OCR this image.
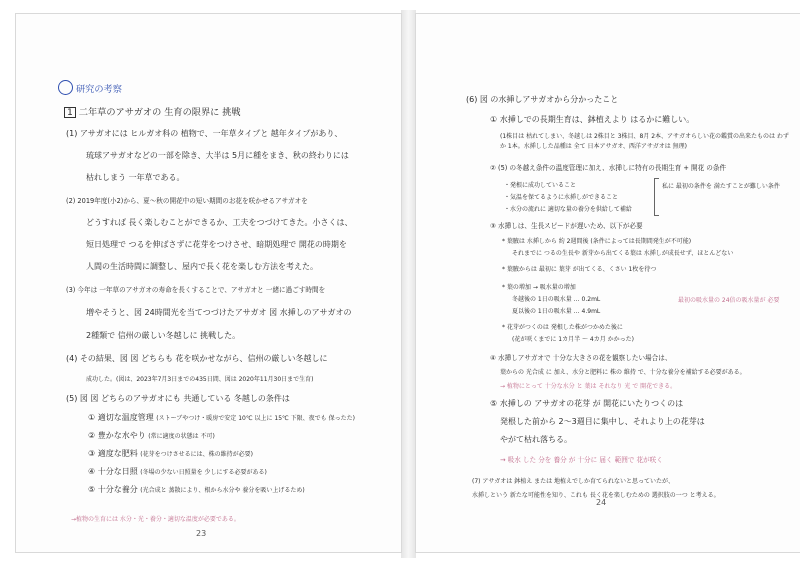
研究の考察
1 二年草のアサガオの 生育の限界に 挑戦
(1) アサガオには ヒルガオ科の 植物で、一年草タイプと 越年タイプがあり、
琉球アサガオなどの一部を除き、大半は 5月に種をまき、秋の終わりには
枯れしまう 一年草である。
(2) 2019年度(小2)から、夏～秋の開花中の短い期間のお花を咲かせるアサガオを
どうすれば 長く楽しむことができるか、工夫をつづけてきた。小さくは、
短日処理で つるを伸ばさずに花芽をつけさせ、暗期処理で 開花の時期を
人間の生活時間に調整し、屋内で長く花を楽しむ方法を考えた。
(3) 今年は 一年草のアサガオの寿命を長くすることで、アサガオと 一緒に過ごす時間を
増やそうと、図 24時間光を当てつづけたアサガオ 図 水挿しのアサガオの
2種類で 信州の厳しい冬越しに 挑戦した。
(4) その結果、図 図 どちらも 花を咲かせながら、信州の厳しい冬越しに
成功した。(図は、2023年7月3日までの435日間、図は 2020年11月30日まで生育)
(5) 図 図 どちらのアサガオにも 共通している 冬越しの条件は
① 適切な温度管理 (ストーブやつけ・暖房で安定 10℃ 以上に 15℃ 下限、夜でも 保ったた)
② 豊かな水やり (常に適度の状態は 不可)
③ 適度な肥料 (花芽をつけさせるには、株の維持が必要)
④ 十分な日照 (冬場の少ない日照量を 少しにする必要がある)
⑤ 十分な養分 (光合成と 蒸散により、根から水分や 養分を吸い上げるため)
→植物の生育には 水分・光・養分・適切な温度が必要である。
23
(6) 図 の水挿しアサガオから分かったこと
① 水挿しでの長期生育は、鉢植えより はるかに難しい。
(1株目は 枯れてしまい、冬越しは 2株目と 3株目、8月 2本、アサガオらしい花の鑑賞の出来たものは わずか 1本。水挿しした品種は 全て 日本アサガオ、西洋アサガオは 無理)
② (5) の冬越え条件の温度管理に加え、水挿しに特有の長期生育 + 開花 の条件
・発根に成功していること
・気温を保てるように水挿しができること
・水分の流れに 適切な量の養分を供給して補給
私に 最初の条件を 満たすことが難しい条件
③ 水挿しは、生長スピードが遅いため、以下が必要
* 葉腋は 水挿しから 約 2週間後 (条件によっては長期間発生が不可能)
それまでに つるの生長や 新芽から出てくる葉は 水挿しが成長せず、ほとんどない
* 葉腋からは 最初に 葉芽 が出てくる、くさい 1枚を待つ
* 葉の増加 → 吸水量の増加
冬越後の 1日の吸水量 … 0.2mL
夏以後の 1日の吸水量 … 4.9mL
最初の吸水量の 24倍の吸水量が 必要
* 花芽がつくのは 発根した株がつかめた後に
(花が咲くまでに 1カ月半 ～ 4カ月 かかった)
④ 水挿しアサガオで 十分な大きさの花を観察したい場合は、
葉からの 光合成 に 加え、水分と肥料に 株の 維持 で、十分な養分を補給する必要がある。
→ 植物にとって 十分な水分 と 葉は それなり 光 で 開花できる。
⑤ 水挿しの アサガオの花芽 が 開花にいたりつくのは
発根した前から 2～3週目に集中し、それより上の花芽は
やがて枯れ落ちる。
→ 吸水 した 分を 養分 が 十分に 届く 範囲で 花が咲く
(7) アサガオは 鉢植え または 地植えでしか育てられないと思っていたが、
水挿しという 新たな可能性を知り、これも 長く花を楽しむための 選択肢の一つ と考える。
24
